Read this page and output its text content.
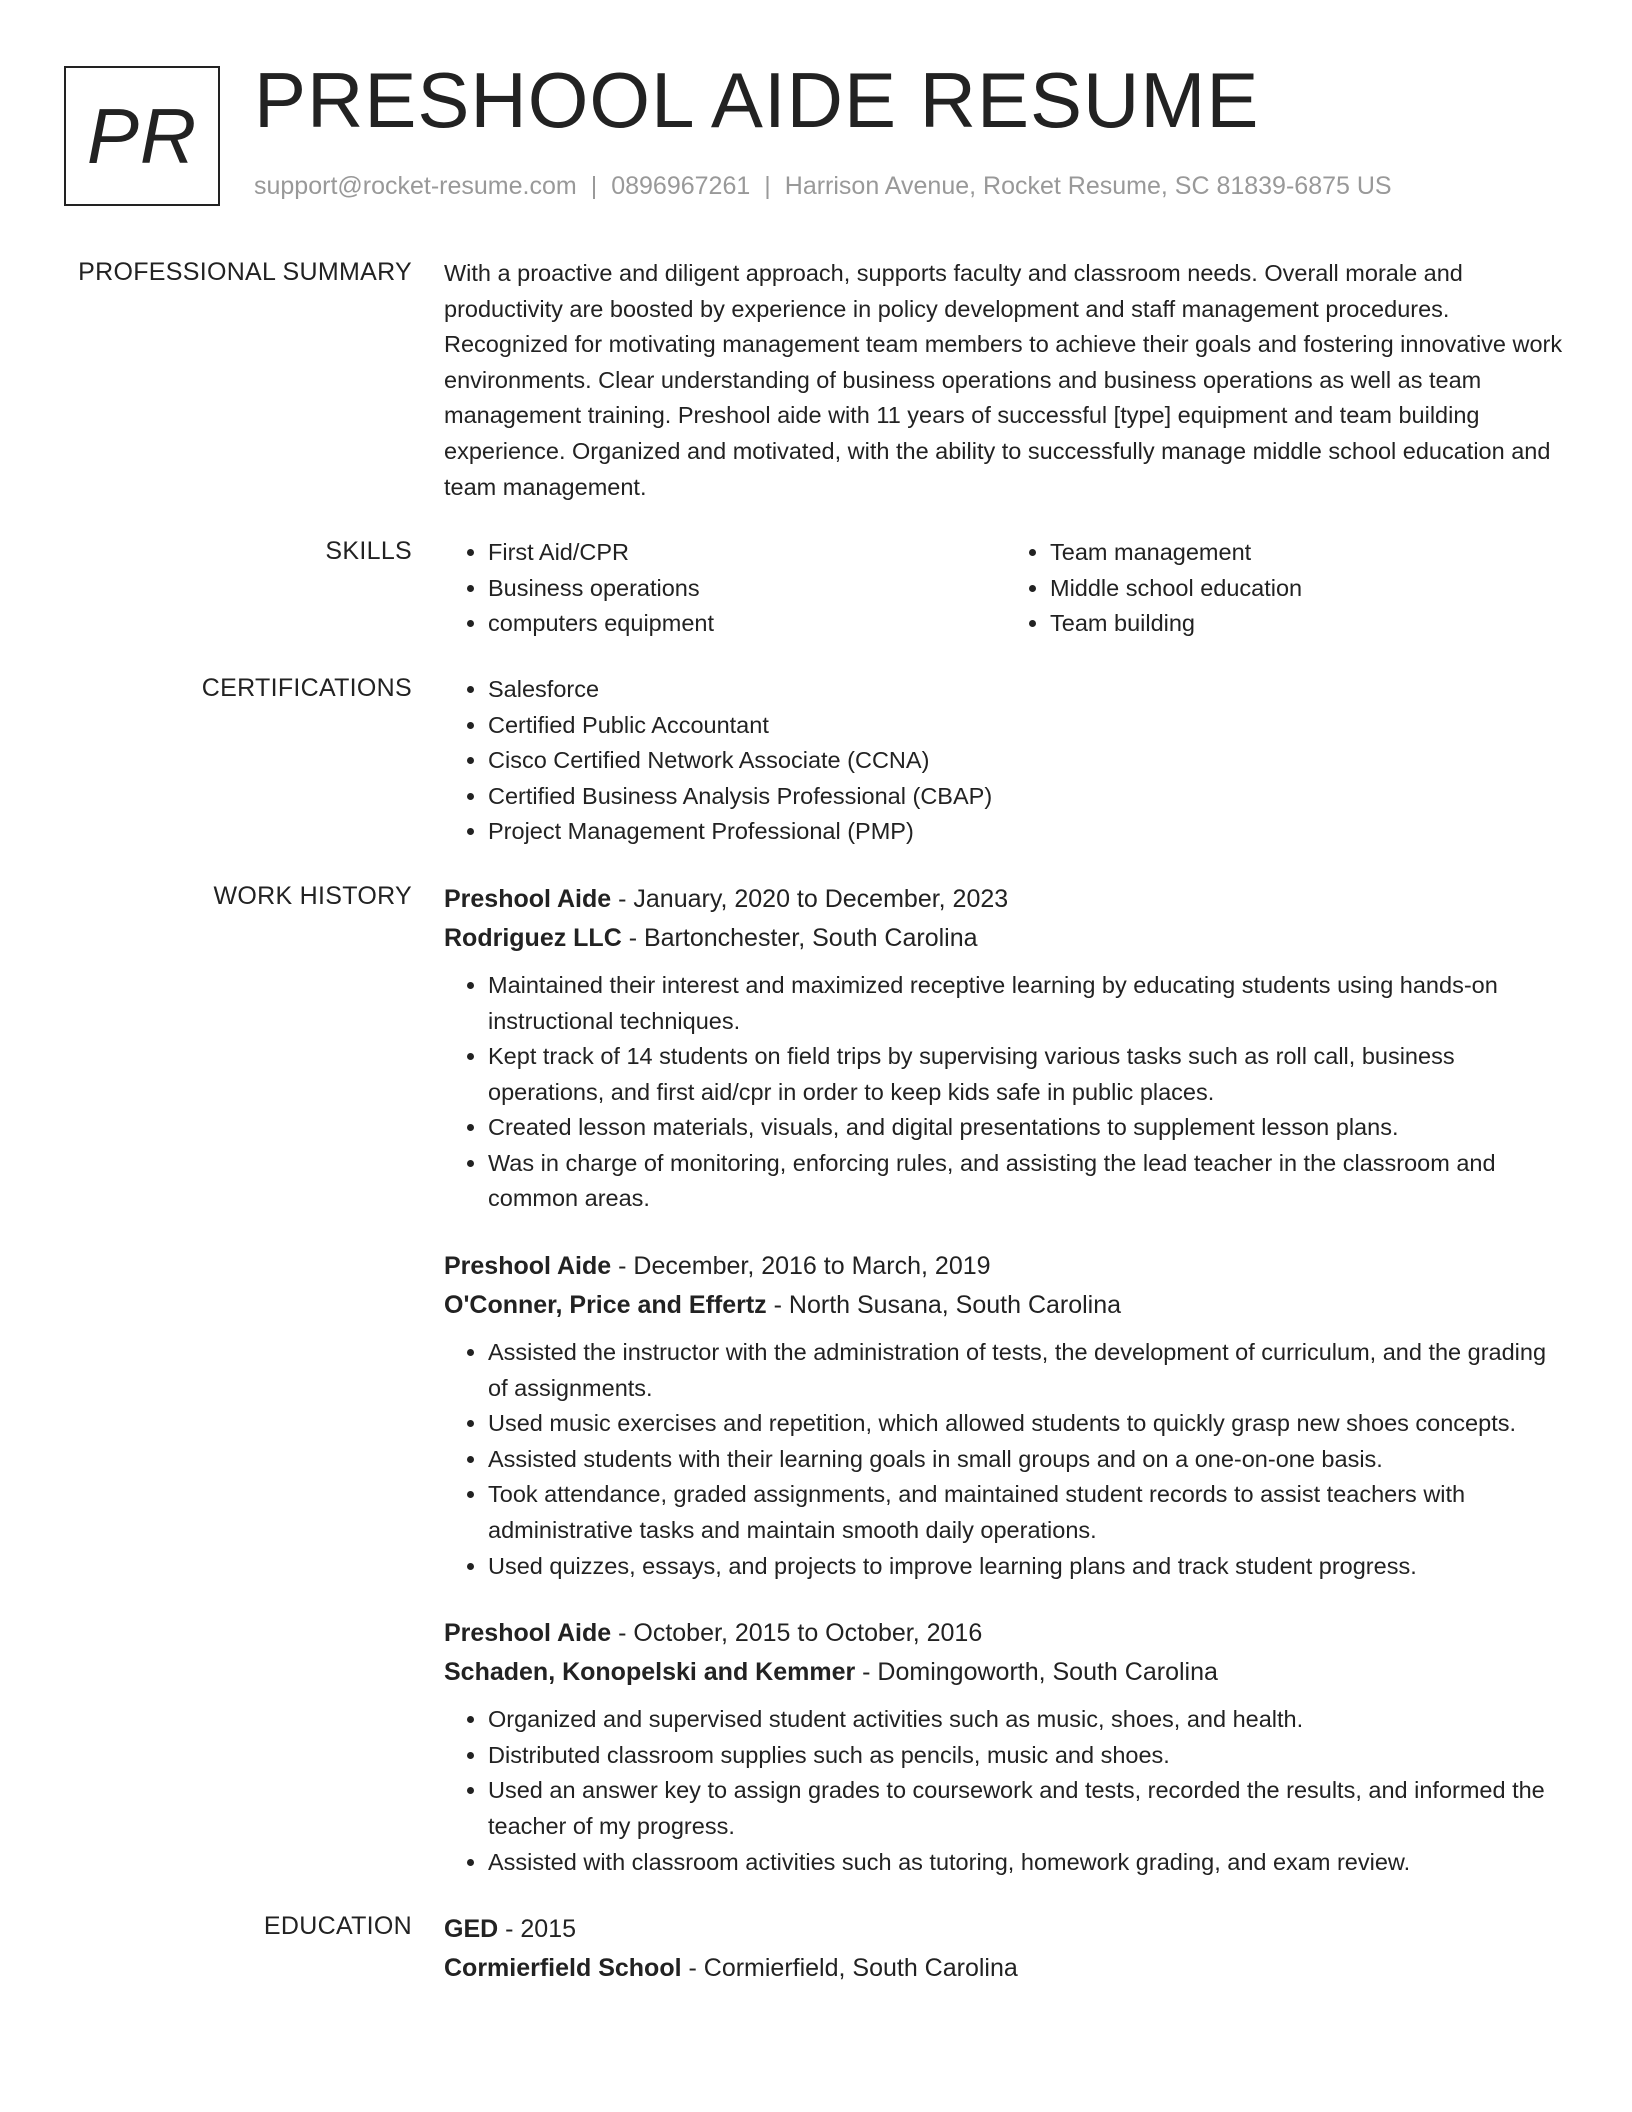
PR PRESHOOL AIDE RESUME
support@rocket-resume.com | 0896967261 | Harrison Avenue, Rocket Resume, SC 81839-6875 US
PROFESSIONAL SUMMARY With a proactive and diligent approach, supports faculty and classroom needs. Overall morale and productivity are boosted by experience in policy development and staff management procedures. Recognized for motivating management team members to achieve their goals and fostering innovative work environments. Clear understanding of business operations and business operations as well as team management training. Preshool aide with 11 years of successful [type] equipment and team building experience. Organized and motivated, with the ability to successfully manage middle school education and team management.
SKILLS	• First Aid/CPR
• Business operations
• computers equipment
• Team management
• Middle school education
• Team building
CERTIFICATIONS	• Salesforce
• Certified Public Accountant
• Cisco Certified Network Associate (CCNA)
• Certified Business Analysis Professional (CBAP)
• Project Management Professional (PMP)
WORK HISTORY Preshool Aide - January, 2020 to December, 2023
Rodriguez LLC - Bartonchester, South Carolina
• Maintained their interest and maximized receptive learning by educating students using hands-on instructional techniques.
• Kept track of 14 students on field trips by supervising various tasks such as roll call, business operations, and first aid/cpr in order to keep kids safe in public places.
• Created lesson materials, visuals, and digital presentations to supplement lesson plans.
• Was in charge of monitoring, enforcing rules, and assisting the lead teacher in the classroom and common areas.
Preshool Aide - December, 2016 to March, 2019
O'Conner, Price and Effertz - North Susana, South Carolina
• Assisted the instructor with the administration of tests, the development of curriculum, and the grading of assignments.
• Used music exercises and repetition, which allowed students to quickly grasp new shoes concepts.
• Assisted students with their learning goals in small groups and on a one-on-one basis.
• Took attendance, graded assignments, and maintained student records to assist teachers with administrative tasks and maintain smooth daily operations.
• Used quizzes, essays, and projects to improve learning plans and track student progress.
Preshool Aide - October, 2015 to October, 2016
Schaden, Konopelski and Kemmer - Domingoworth, South Carolina
• Organized and supervised student activities such as music, shoes, and health.
• Distributed classroom supplies such as pencils, music and shoes.
• Used an answer key to assign grades to coursework and tests, recorded the results, and informed the teacher of my progress.
• Assisted with classroom activities such as tutoring, homework grading, and exam review.
EDUCATION GED - 2015
Cormierfield School - Cormierfield, South Carolina
